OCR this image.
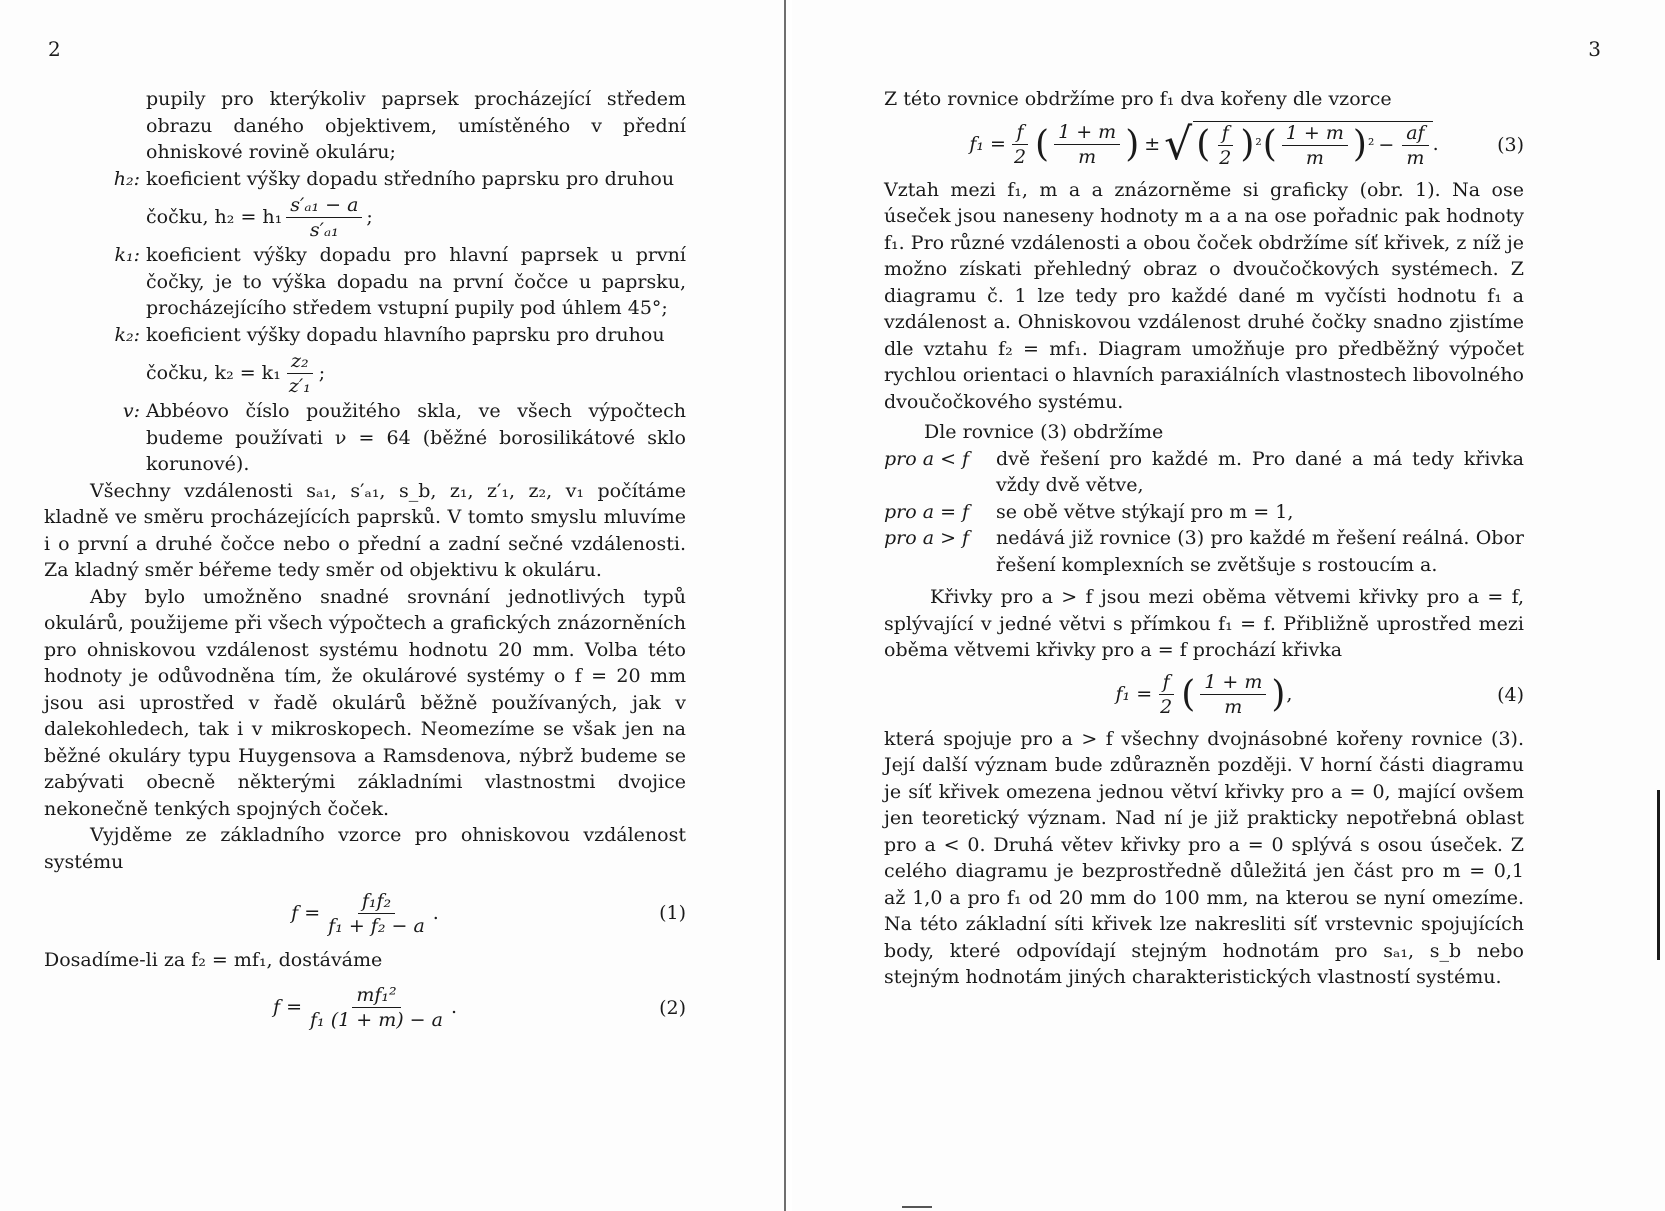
2	3

pupily pro kterýkoliv paprsek procházející středem obrazu daného objektivem, umístěného v přední ohniskové rovině okuláru;

h₂: koeficient výšky dopadu středního paprsku pro druhou

čočku, $h_2 = h_1 \frac{\text{s′ₐ₁ − a}}{\text{s′ₐ₁}}$ ;
k₁: koeficient výšky dopadu pro hlavní paprsek u první čočky, je to výška dopadu na první čočce u paprsku, procházejícího středem vstupní pupily pod úhlem 45°;

k₂: koeficient výšky dopadu hlavního paprsku pro druhou

čočku, $k_2 = k_1 \frac{\text{z₂}}{\text{z′₁}}$ ;
v: Abbéovo číslo použitého skla, ve všech výpočtech budeme používati ν = 64 (běžné borosilikátové sklo korunové).

Všechny vzdálenosti sₐ₁, s′ₐ₁, s_b, z₁, z′₁, z₂, v₁ počítáme kladně ve směru procházejících paprsků. V tomto smyslu mluvíme i o první a druhé čočce nebo o přední a zadní sečné vzdálenosti. Za kladný směr béřeme tedy směr od objektivu k okuláru.

Aby bylo umožněno snadné srovnání jednotlivých typů okulárů, použijeme při všech výpočtech a grafických znázorněních pro ohniskovou vzdálenost systému hodnotu 20 mm. Volba této hodnoty je odůvodněna tím, že okulárové systémy o f = 20 mm jsou asi uprostřed v řadě okulárů běžně používaných, jak v dalekohledech, tak i v mikroskopech. Neomezíme se však jen na běžné okuláry typu Huygensova a Ramsdenova, nýbrž budeme se zabývati obecně některými základními vlastnostmi dvojice nekonečně tenkých spojných čoček.

Vyjděme ze základního vzorce pro ohniskovou vzdálenost systému

$f = \frac{\text{f₁f₂}}{\text{f₁ + f₂ − a}}$ .	(1)

Dosadíme-li za f₂ = mf₁, dostáváme

$f = \frac{\text{mf₁²}}{\text{f₁ (1 + m) − a}}$ .	(2)

Z této rovnice obdržíme pro f₁ dva kořeny dle vzorce

$f_1 = \frac{f}{2}$ ( $\frac{1 + m}{m}$ ) ± √ ( $\frac{f}{2}$ ) ² ( $\frac{1 + m}{m}$ ) $^2 - \frac{af}{m}$ .	(3)

Vztah mezi f₁, m a a znázorněme si graficky (obr. 1). Na ose úseček jsou naneseny hodnoty m a a na ose pořadnic pak hodnoty f₁. Pro různé vzdálenosti a obou čoček obdržíme síť křivek, z níž je možno získati přehledný obraz o dvoučočkových systémech. Z diagramu č. 1 lze tedy pro každé dané m vyčísti hodnotu f₁ a vzdálenost a. Ohniskovou vzdálenost druhé čočky snadno zjistíme dle vztahu f₂ = mf₁. Diagram umožňuje pro předběžný výpočet rychlou orientaci o hlavních paraxiálních vlastnostech libovolného dvoučočkového systému.

Dle rovnice (3) obdržíme

pro a < f	dvě řešení pro každé m. Pro dané a má tedy křivka vždy dvě větve,

pro a = f	se obě větve stýkají pro m = 1,

pro a > f	nedává již rovnice (3) pro každé m řešení reálná. Obor řešení komplexních se zvětšuje s rostoucím a.

Křivky pro a > f jsou mezi oběma větvemi křivky pro a = f, splývající v jedné větvi s přímkou f₁ = f. Přibližně uprostřed mezi oběma větvemi křivky pro a = f prochází křivka

$f_1 = \frac{f}{2}$ ( $\frac{1 + m}{m}$ ) ,	(4)

která spojuje pro a > f všechny dvojnásobné kořeny rovnice (3). Její další význam bude zdůrazněn později. V horní části diagramu je síť křivek omezena jednou větví křivky pro a = 0, mající ovšem jen teoretický význam. Nad ní je již prakticky nepotřebná oblast pro a < 0. Druhá větev křivky pro a = 0 splývá s osou úseček. Z celého diagramu je bezprostředně důležitá jen část pro m = 0,1 až 1,0 a pro f₁ od 20 mm do 100 mm, na kterou se nyní omezíme. Na této základní síti křivek lze nakresliti síť vrstevnic spojujících body, které odpovídají stejným hodnotám pro sₐ₁, s_b nebo stejným hodnotám jiných charakteristických vlastností systému.
